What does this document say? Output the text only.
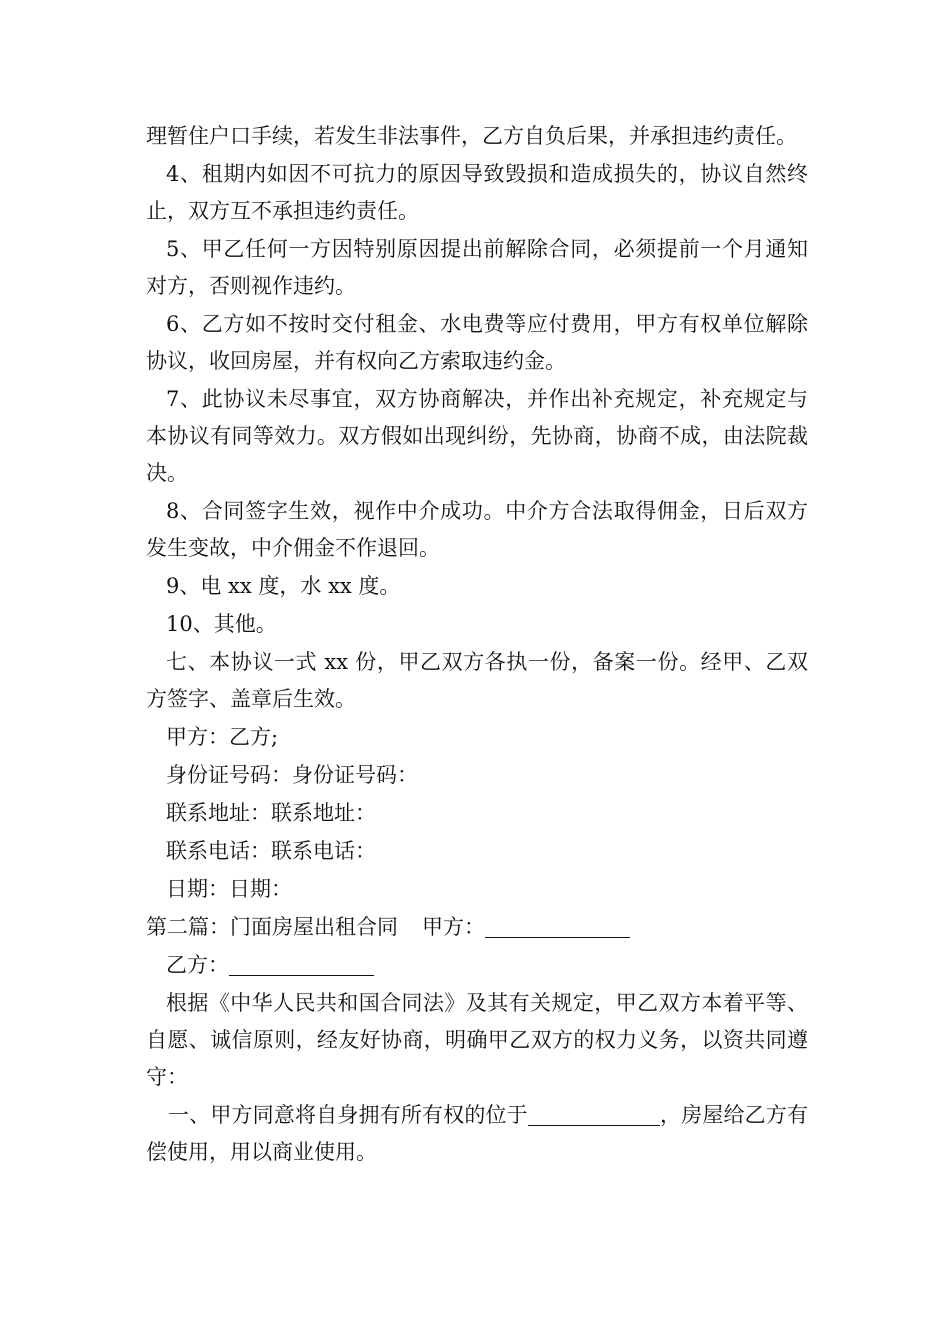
理暂住户口手续，若发生非法事件，乙方自负后果，并承担违约责任。

4、租期内如因不可抗力的原因导致毁损和造成损失的，协议自然终止，双方互不承担违约责任。

5、甲乙任何一方因特别原因提出前解除合同，必须提前一个月通知对方，否则视作违约。

6、乙方如不按时交付租金、水电费等应付费用，甲方有权单位解除协议，收回房屋，并有权向乙方索取违约金。

7、此协议未尽事宜，双方协商解决，并作出补充规定，补充规定与本协议有同等效力。双方假如出现纠纷，先协商，协商不成，由法院裁决。

8、合同签字生效，视作中介成功。中介方合法取得佣金，日后双方发生变故，中介佣金不作退回。

9、电 xx 度，水 xx 度。

10、其他。

七、本协议一式 xx 份，甲乙双方各执一份，备案一份。经甲、乙双方签字、盖章后生效。

甲方：乙方;

身份证号码：身份证号码：

联系地址：联系地址：

联系电话：联系电话：

日期：日期：

第二篇：门面房屋出租合同 甲方：

乙方：

根据《中华人民共和国合同法》及其有关规定，甲乙双方本着平等、自愿、诚信原则，经友好协商，明确甲乙双方的权力义务，以资共同遵守：

一、甲方同意将自身拥有所有权的位于	，房屋给乙方有偿使用，用以商业使用。
